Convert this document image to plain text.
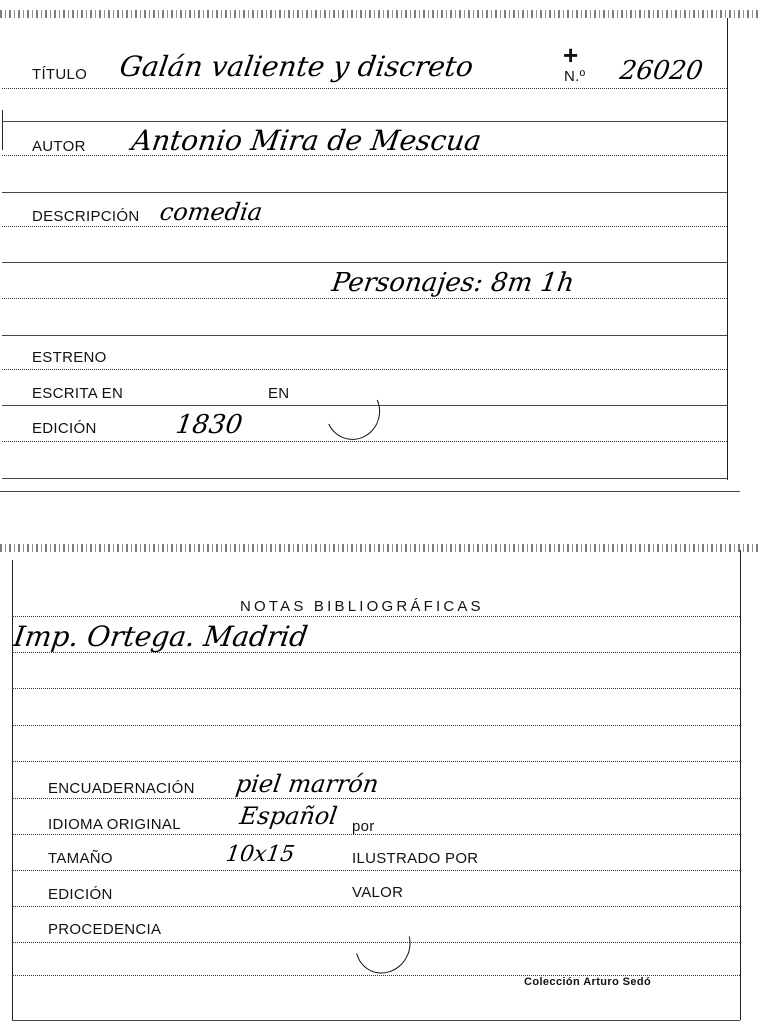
TÍTULO Galán valiente y discreto	+
N.º 26020
AUTOR Antonio Mira de Mescua
DESCRIPCIÓN comedia
Personajes: 8m 1h
ESTRENO
ESCRITA EN	EN
EDICIÓN	1830
NOTAS BIBLIOGRÁFICAS
Imp. Ortega. Madrid
ENCUADERNACIÓN piel marrón
IDIOMA ORIGINAL Español por
TAMAÑO	10x15	ILUSTRADO POR
EDICIÓN	VALOR
PROCEDENCIA
Colección Arturo Sedó
